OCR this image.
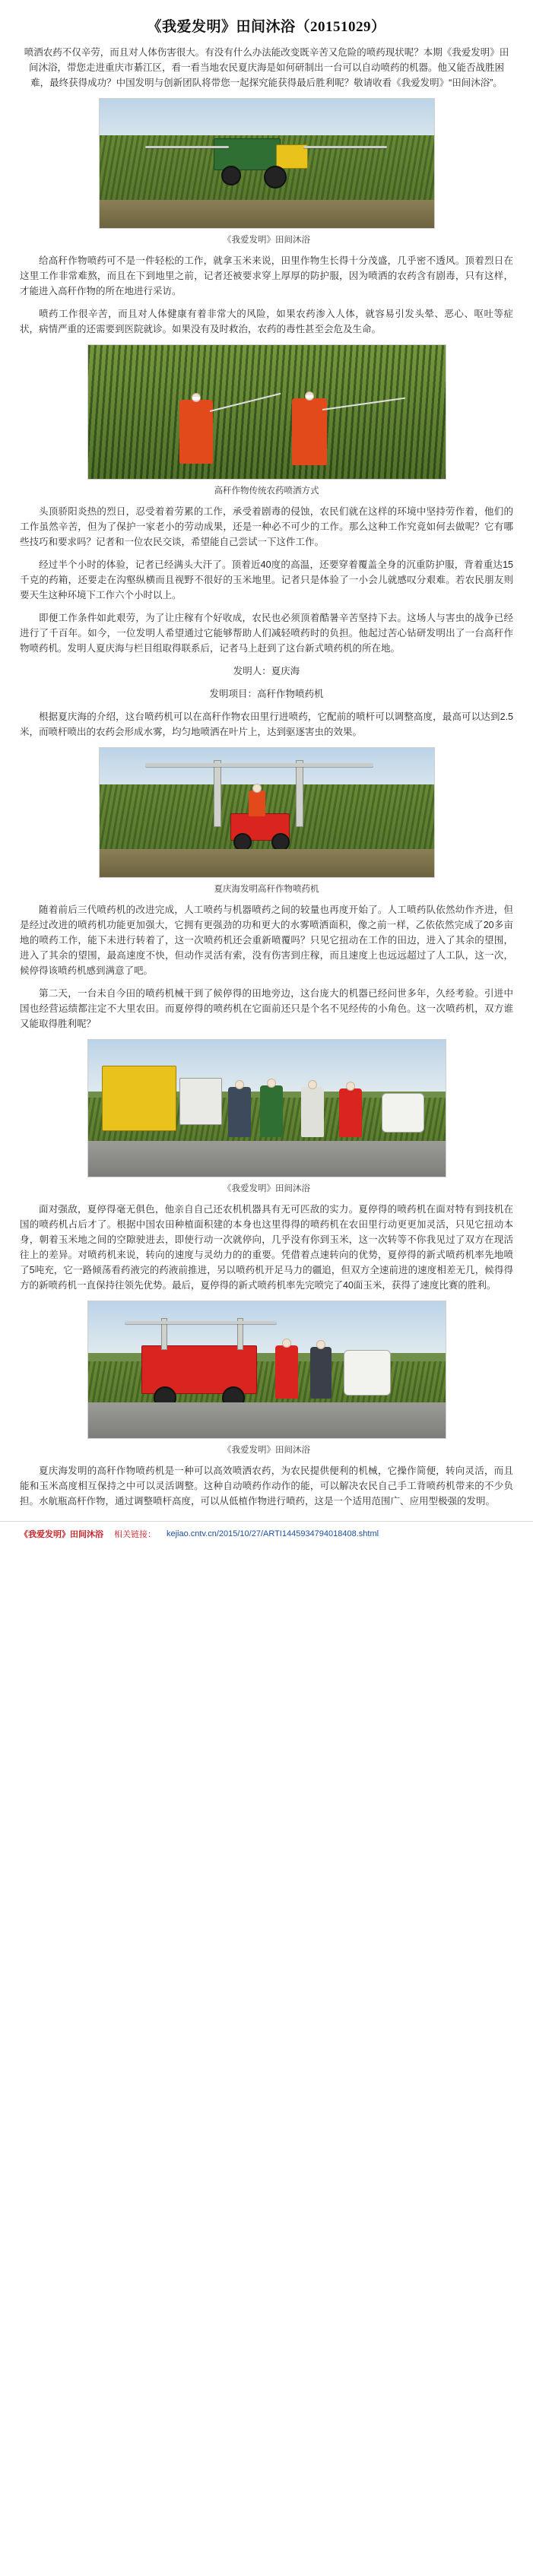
《我爱发明》田间沐浴（20151029）

喷洒农药不仅辛劳，而且对人体伤害很大。有没有什么办法能改变既辛苦又危险的喷药现状呢？本期《我爱发明》田间沐浴，带您走进重庆市綦江区，看一看当地农民夏庆海是如何研制出一台可以自动喷药的机器。他又能否战胜困难，最终获得成功？中国发明与创新团队将带您一起探究能获得最后胜利呢？敬请收看《我爱发明》“田间沐浴”。

《我爱发明》田间沐浴

给高秆作物喷药可不是一件轻松的工作，就拿玉米来说，田里作物生长得十分茂盛，几乎密不透风。顶着烈日在这里工作非常难熬，而且在下到地里之前，记者还被要求穿上厚厚的防护服，因为喷洒的农药含有剧毒，只有这样，才能进入高秆作物的所在地进行采访。

喷药工作很辛苦，而且对人体健康有着非常大的风险，如果农药渗入人体，就容易引发头晕、恶心、呕吐等症状，病情严重的还需要到医院就诊。如果没有及时救治，农药的毒性甚至会危及生命。

高秆作物传统农药喷洒方式

头顶骄阳炎热的烈日，忍受着着劳累的工作，承受着剧毒的侵蚀，农民们就在这样的环境中坚持劳作着，他们的工作虽然辛苦，但为了保护一家老小的劳动成果，还是一种必不可少的工作。那么这种工作究竟如何去做呢？它有哪些技巧和要求吗？记者和一位农民交谈，希望能自己尝试一下这件工作。

经过半个小时的体验，记者已经满头大汗了。顶着近40度的高温，还要穿着覆盖全身的沉重防护服，背着重达15千克的药箱，还要走在沟壑纵横而且视野不很好的玉米地里。记者只是体验了一小会儿就感叹分艰难。若农民朋友则要天生这种环境下工作六个小时以上。

即便工作条件如此艰劳，为了让庄稼有个好收成，农民也必须顶着酷暑辛苦坚持下去。这场人与害虫的战争已经进行了千百年。如今，一位发明人希望通过它能够帮助人们减轻喷药时的负担。他起过苦心钻研发明出了一台高秆作物喷药机。发明人夏庆海与栏目组取得联系后，记者马上赶到了这台新式喷药机的所在地。

发明人：夏庆海

发明项目：高秆作物喷药机

根据夏庆海的介绍，这台喷药机可以在高秆作物农田里行进喷药，它配前的喷杆可以调整高度，最高可以达到2.5米，而喷杆喷出的农药会形成水雾，均匀地喷洒在叶片上，达到驱逐害虫的效果。

夏庆海发明高秆作物喷药机

随着前后三代喷药机的改进完成，人工喷药与机器喷药之间的较量也再度开始了。人工喷药队依然幼作齐进，但是经过改进的喷药机功能更加强大，它拥有更强劲的功和更大的水雾喷洒面积，像之前一样，乙依依然完成了20多亩地的喷药工作，能下未进行转着了，这一次喷药机还会重新喷覆吗？只见它扭动在工作的田边，进入了其余的望围，进入了其余的望围，最高速度不快，但动作灵活有索，没有伤害到庄稼，而且速度上也远远超过了人工队，这一次，候停得该喷药机感到满意了吧。

第二天，一台未自今田的喷药机械干到了候停得的田地旁边，这台庞大的机器已经问世多年，久经考验。引进中国也经营运绩都注定不大里农田。而夏停得的喷药机在它面前还只是个名不见经传的小角色。这一次喷药机，双方谁又能取得胜利呢？

《我爱发明》田间沐浴

面对强敌，夏停得毫无俱色，他亲自自己还农机机器具有无可匹敌的实力。夏停得的喷药机在面对特有到技机在国的喷药机占后才了。根据中国农田种植面积建的本身也这里得得的喷药机在农田里行动更更加灵活，只见它扭动本身，朝着玉米地之间的空隙驶进去，即使行动一次就停向，几乎没有你到玉米，这一次转等不你我见过了双方在现活往上的差异。对喷药机来说，转向的速度与灵幼力的的重要。凭借着点速转向的优势，夏停得的新式喷药机率先地喷了5吨充，它一路倾荡看药液完的药液前推进，另以喷药机开足马力的疆追，但双方全速前进的速度相差无几，候得得方的新喷药机一直保持往领先优势。最后，夏停得的新式喷药机率先完喷完了40面玉米，获得了速度比赛的胜利。

《我爱发明》田间沐浴

夏庆海发明的高秆作物喷药机是一种可以高效喷洒农药，为农民提供便利的机械，它操作简便，转向灵活，而且能和玉米高度相互保持之中可以灵活调整。这种自动喷药作动作的能，可以解决农民自己手工背喷药机带来的不少负担。水航瓶高杆作物，通过调整喷杆高度，可以从低植作物进行喷药，这是一个适用范围广、应用型极强的发明。

《我爱发明》田间沐浴 相关链接： kejiao.cntv.cn/2015/10/27/ARTI1445934794018408.shtml
